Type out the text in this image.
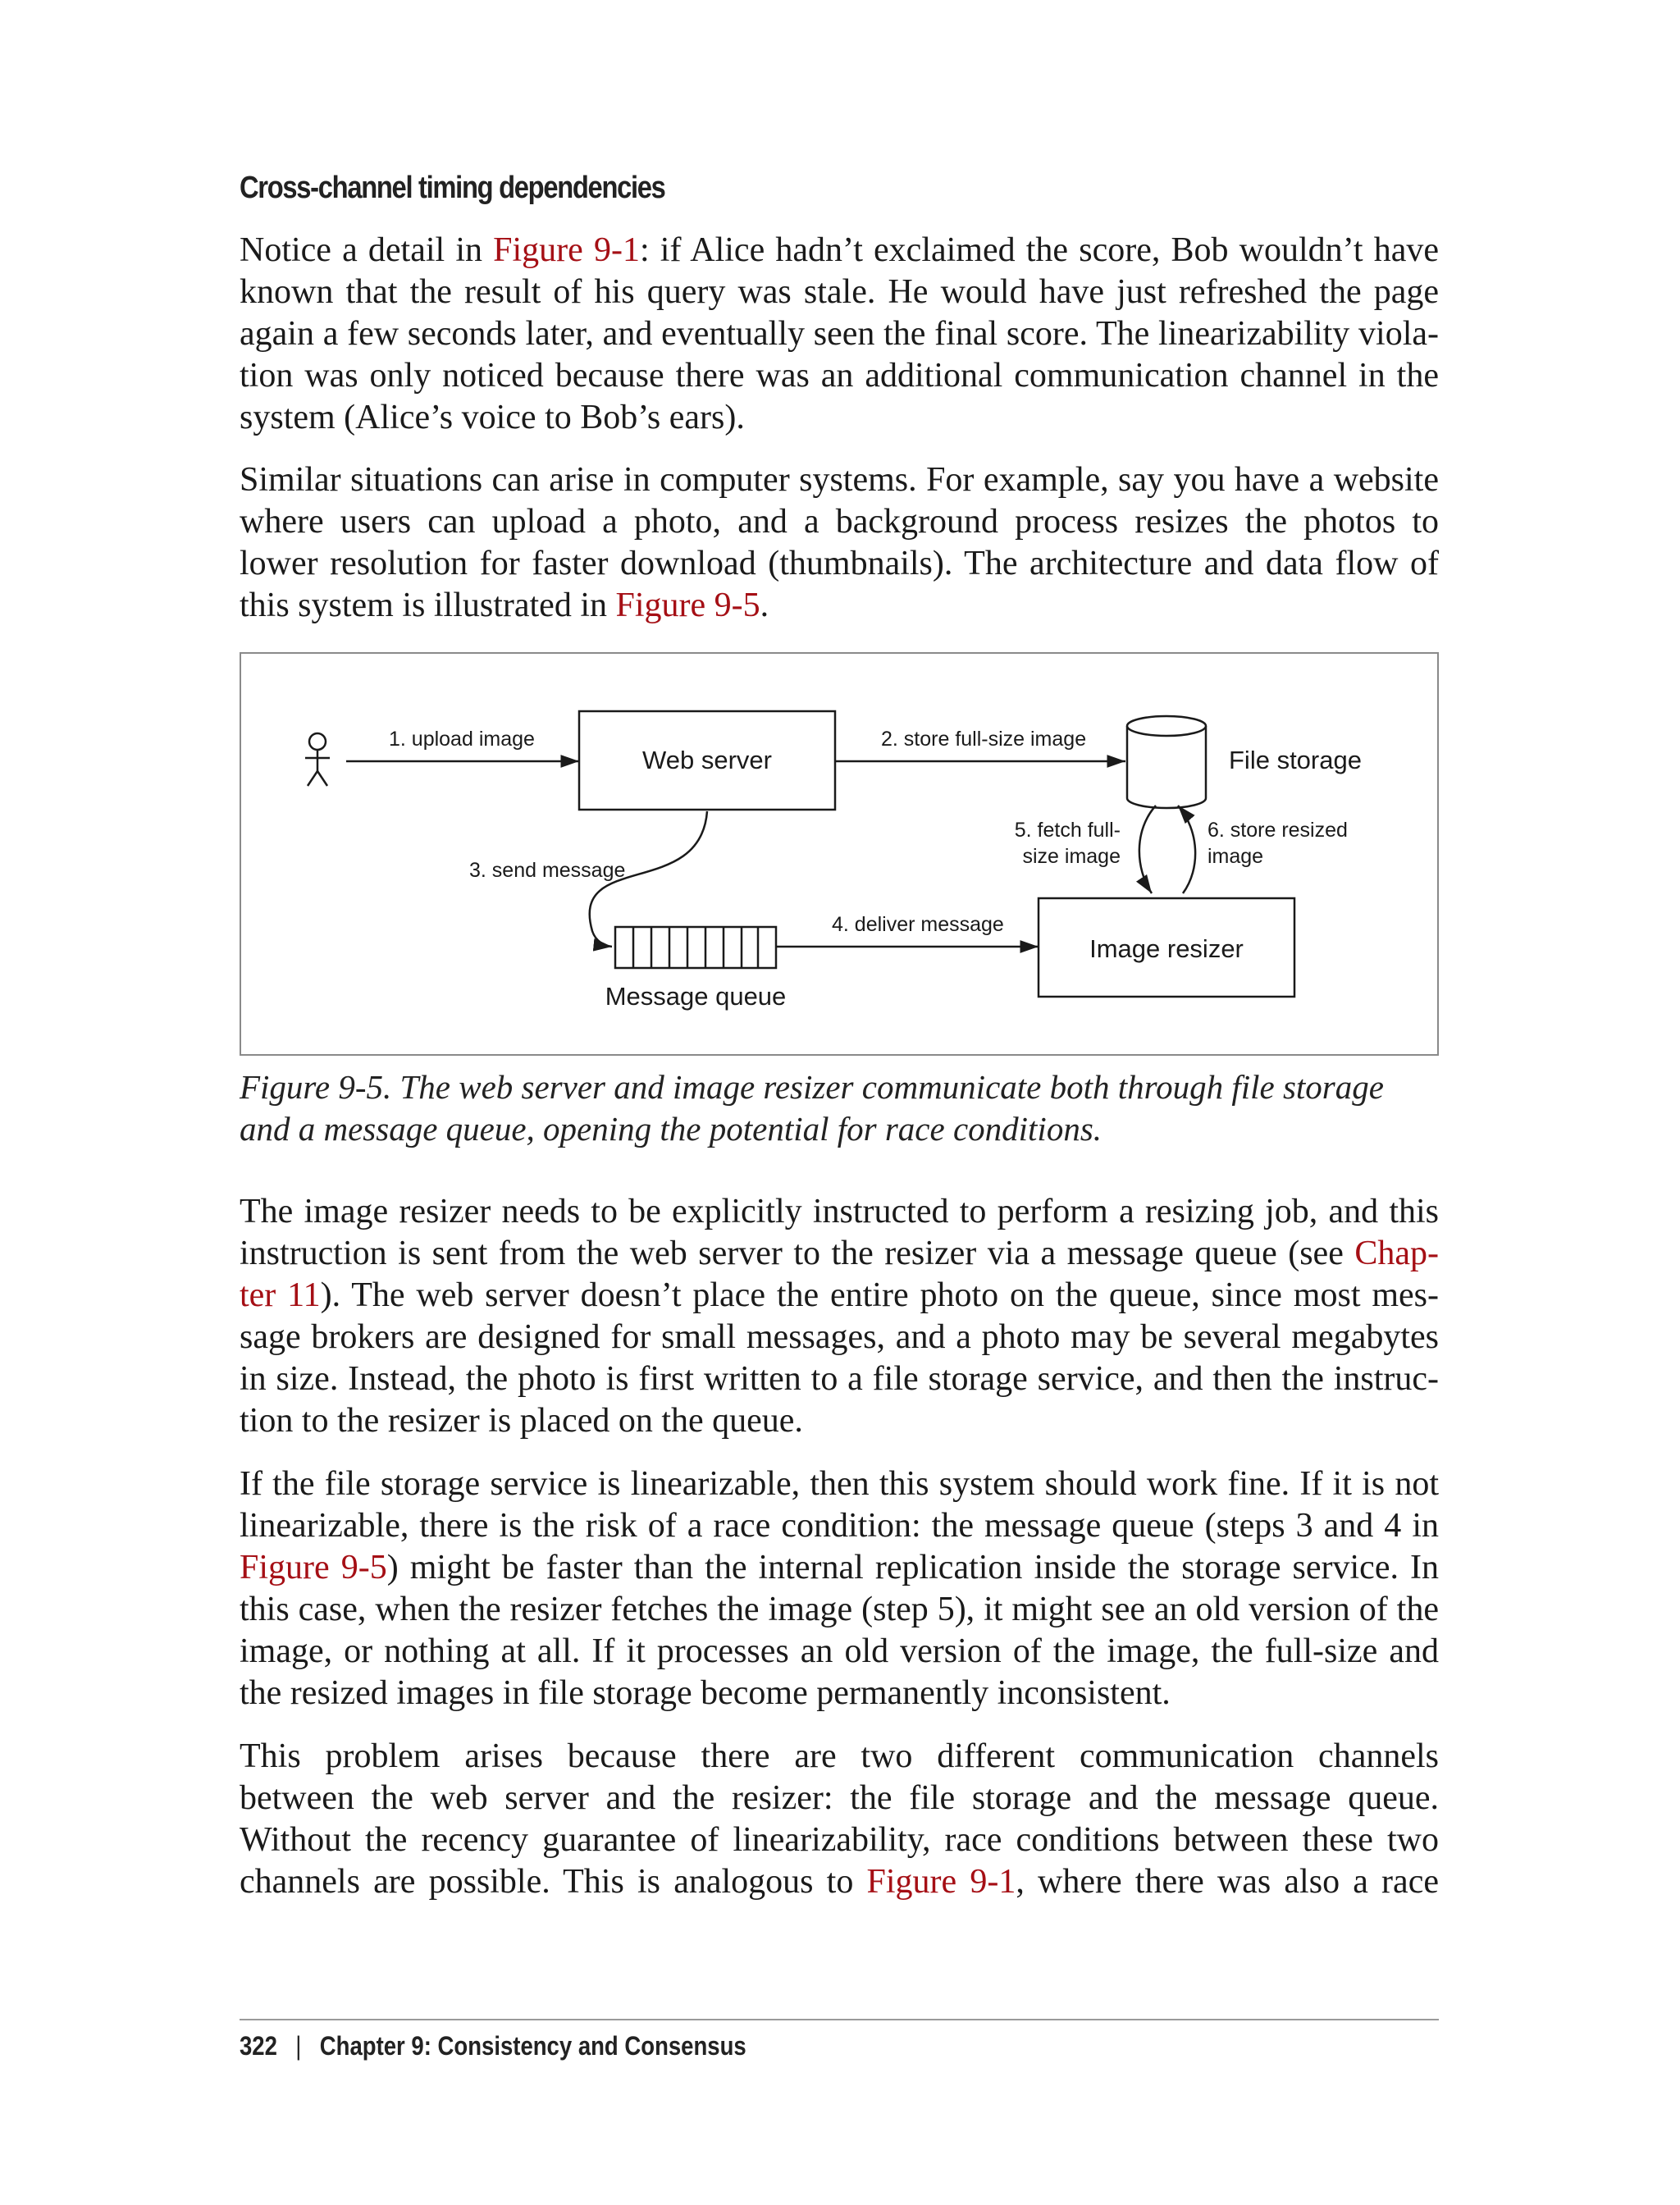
Cross-channel timing dependencies

Notice a detail in Figure 9-1: if Alice hadn’t exclaimed the score, Bob wouldn’t have
known that the result of his query was stale. He would have just refreshed the page
again a few seconds later, and eventually seen the final score. The linearizability viola-
tion was only noticed because there was an additional communication channel in the
system (Alice’s voice to Bob’s ears).

Similar situations can arise in computer systems. For example, say you have a website
where users can upload a photo, and a background process resizes the photos to
lower resolution for faster download (thumbnails). The architecture and data flow of
this system is illustrated in Figure 9-5.

1. upload image
Web server
2. store full-size image
File storage
5. fetch full-
size image
6. store resized
image
3. send message
Message queue
4. deliver message
Image resizer
Figure 9-5. The web server and image resizer communicate both through file storage
and a message queue, opening the potential for race conditions.

The image resizer needs to be explicitly instructed to perform a resizing job, and this
instruction is sent from the web server to the resizer via a message queue (see Chap-
ter 11). The web server doesn’t place the entire photo on the queue, since most mes-
sage brokers are designed for small messages, and a photo may be several megabytes
in size. Instead, the photo is first written to a file storage service, and then the instruc-
tion to the resizer is placed on the queue.

If the file storage service is linearizable, then this system should work fine. If it is not
linearizable, there is the risk of a race condition: the message queue (steps 3 and 4 in
Figure 9-5) might be faster than the internal replication inside the storage service. In
this case, when the resizer fetches the image (step 5), it might see an old version of the
image, or nothing at all. If it processes an old version of the image, the full-size and
the resized images in file storage become permanently inconsistent.

This problem arises because there are two different communication channels
between the web server and the resizer: the file storage and the message queue.
Without the recency guarantee of linearizability, race conditions between these two
channels are possible. This is analogous to Figure 9-1, where there was also a race

322 | Chapter 9: Consistency and Consensus
